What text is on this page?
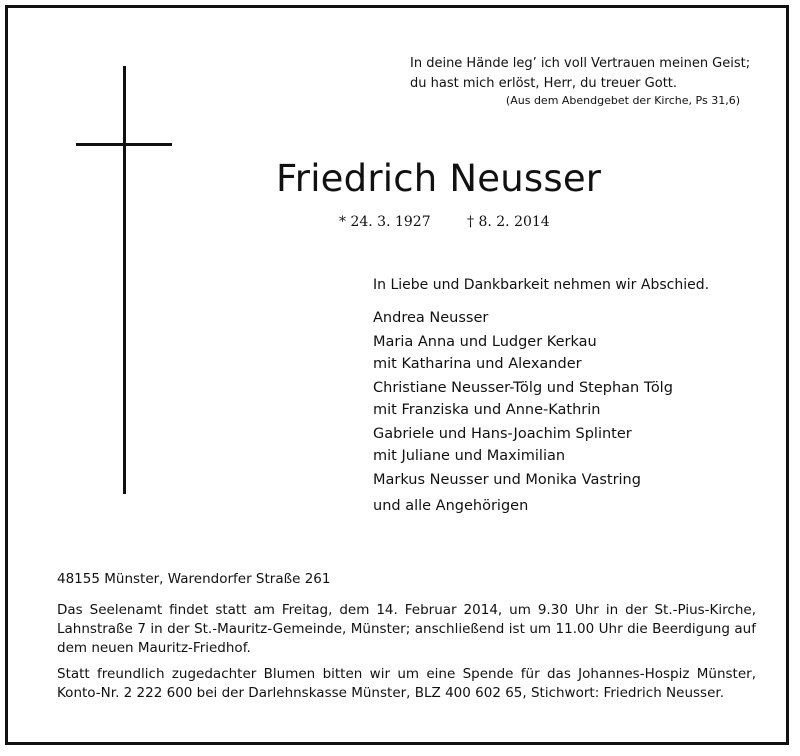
In deine Hände leg’ ich voll Vertrauen meinen Geist;
du hast mich erlöst, Herr, du treuer Gott.
(Aus dem Abendgebet der Kirche, Ps 31,6)
Friedrich Neusser
* 24. 3. 1927	† 8. 2. 2014
In Liebe und Dankbarkeit nehmen wir Abschied.
Andrea Neusser
Maria Anna und Ludger Kerkau
mit Katharina und Alexander
Christiane Neusser-Tölg und Stephan Tölg
mit Franziska und Anne-Kathrin
Gabriele und Hans-Joachim Splinter
mit Juliane und Maximilian
Markus Neusser und Monika Vastring
und alle Angehörigen
48155 Münster, Warendorfer Straße 261
Das Seelenamt findet statt am Freitag, dem 14. Februar 2014, um 9.30 Uhr in der St.-Pius-Kirche, Lahnstraße 7 in der St.-Mauritz-Gemeinde, Münster; anschließend ist um 11.00 Uhr die Beerdigung auf dem neuen Mauritz-Friedhof.
Statt freundlich zugedachter Blumen bitten wir um eine Spende für das Johannes-Hospiz Münster, Konto-Nr. 2 222 600 bei der Darlehnskasse Münster, BLZ 400 602 65, Stichwort: Friedrich Neusser.
